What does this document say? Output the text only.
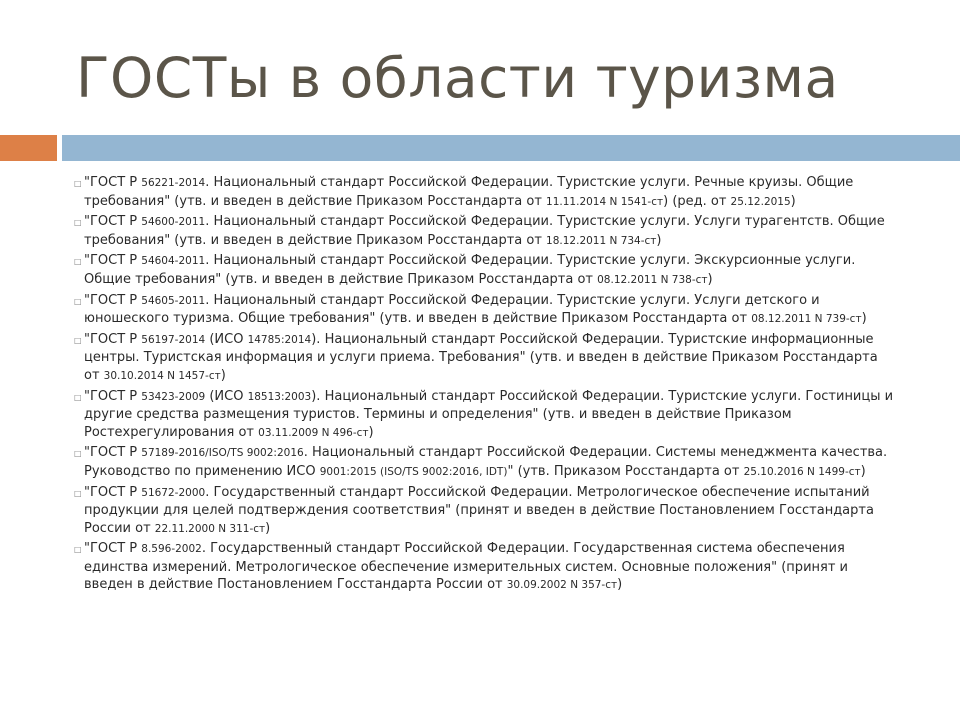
ГОСТы в области туризма
□ "ГОСТ Р 56221-2014. Национальный стандарт Российской Федерации. Туристские услуги. Речные круизы. Общие требования" (утв. и введен в действие Приказом Росстандарта от 11.11.2014 N 1541-ст) (ред. от 25.12.2015)
□ "ГОСТ Р 54600-2011. Национальный стандарт Российской Федерации. Туристские услуги. Услуги турагентств. Общие требования" (утв. и введен в действие Приказом Росстандарта от 18.12.2011 N 734-ст)
□ "ГОСТ Р 54604-2011. Национальный стандарт Российской Федерации. Туристские услуги. Экскурсионные услуги. Общие требования" (утв. и введен в действие Приказом Росстандарта от 08.12.2011 N 738-ст)
□ "ГОСТ Р 54605-2011. Национальный стандарт Российской Федерации. Туристские услуги. Услуги детского и юношеского туризма. Общие требования" (утв. и введен в действие Приказом Росстандарта от 08.12.2011 N 739-ст)
□ "ГОСТ Р 56197-2014 (ИСО 14785:2014). Национальный стандарт Российской Федерации. Туристские информационные центры. Туристская информация и услуги приема. Требования" (утв. и введен в действие Приказом Росстандарта от 30.10.2014 N 1457-ст)
□ "ГОСТ Р 53423-2009 (ИСО 18513:2003). Национальный стандарт Российской Федерации. Туристские услуги. Гостиницы и другие средства размещения туристов. Термины и определения" (утв. и введен в действие Приказом Ростехрегулирования от 03.11.2009 N 496-ст)
□ "ГОСТ Р 57189-2016/ISO/TS 9002:2016. Национальный стандарт Российской Федерации. Системы менеджмента качества. Руководство по применению ИСО 9001:2015 (ISO/TS 9002:2016, IDT)" (утв. Приказом Росстандарта от 25.10.2016 N 1499-ст)
□ "ГОСТ Р 51672-2000. Государственный стандарт Российской Федерации. Метрологическое обеспечение испытаний продукции для целей подтверждения соответствия" (принят и введен в действие Постановлением Госстандарта России от 22.11.2000 N 311-ст)
□ "ГОСТ Р 8.596-2002. Государственный стандарт Российской Федерации. Государственная система обеспечения единства измерений. Метрологическое обеспечение измерительных систем. Основные положения" (принят и введен в действие Постановлением Госстандарта России от 30.09.2002 N 357-ст)
